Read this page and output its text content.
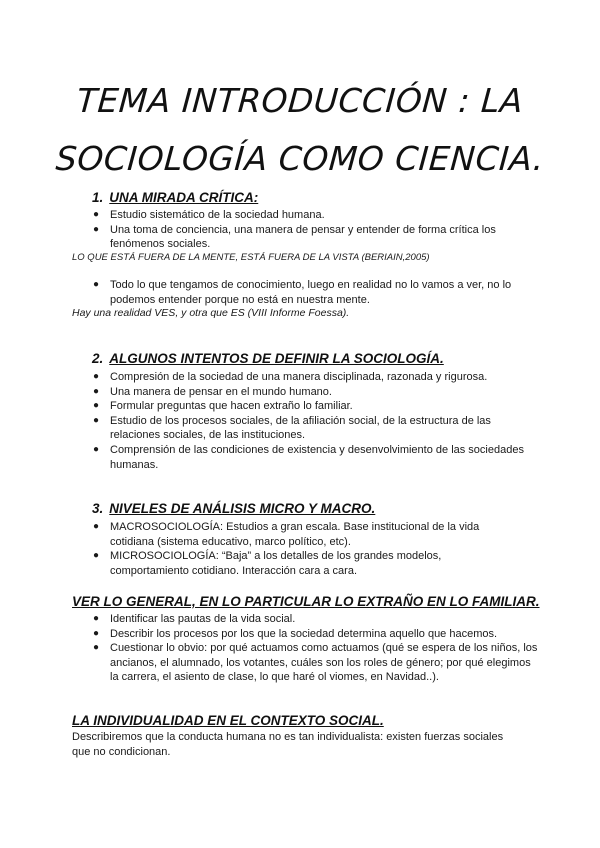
TEMA INTRODUCCIÓN : LA
SOCIOLOGÍA COMO CIENCIA.
1. UNA MIRADA CRÍTICA:
● Estudio sistemático de la sociedad humana.
● Una toma de conciencia, una manera de pensar y entender de forma crítica los fenómenos sociales.

LO QUE ESTÁ FUERA DE LA MENTE, ESTÁ FUERA DE LA VISTA (BERIAIN,2005)

● Todo lo que tengamos de conocimiento, luego en realidad no lo vamos a ver, no lo podemos entender porque no está en nuestra mente.

Hay una realidad VES, y otra que ES (VIII Informe Foessa).

2. ALGUNOS INTENTOS DE DEFINIR LA SOCIOLOGÍA.
● Compresión de la sociedad de una manera disciplinada, razonada y rigurosa.
● Una manera de pensar en el mundo humano.
● Formular preguntas que hacen extraño lo familiar.
● Estudio de los procesos sociales, de la afiliación social, de la estructura de las relaciones sociales, de las instituciones.
● Comprensión de las condiciones de existencia y desenvolvimiento de las sociedades humanas.
3. NIVELES DE ANÁLISIS MICRO Y MACRO.
● MACROSOCIOLOGÍA: Estudios a gran escala. Base institucional de la vida cotidiana (sistema educativo, marco político, etc).
● MICROSOCIOLOGÍA: “Baja” a los detalles de los grandes modelos, comportamiento cotidiano. Interacción cara a cara.
VER LO GENERAL, EN LO PARTICULAR LO EXTRAÑO EN LO FAMILIAR.
● Identificar las pautas de la vida social.
● Describir los procesos por los que la sociedad determina aquello que hacemos.
● Cuestionar lo obvio: por qué actuamos como actuamos (qué se espera de los niños, los ancianos, el alumnado, los votantes, cuáles son los roles de género; por qué elegimos la carrera, el asiento de clase, lo que haré ol viomes, en Navidad..).
LA INDIVIDUALIDAD EN EL CONTEXTO SOCIAL.

Describiremos que la conducta humana no es tan individualista: existen fuerzas sociales que no condicionan.
